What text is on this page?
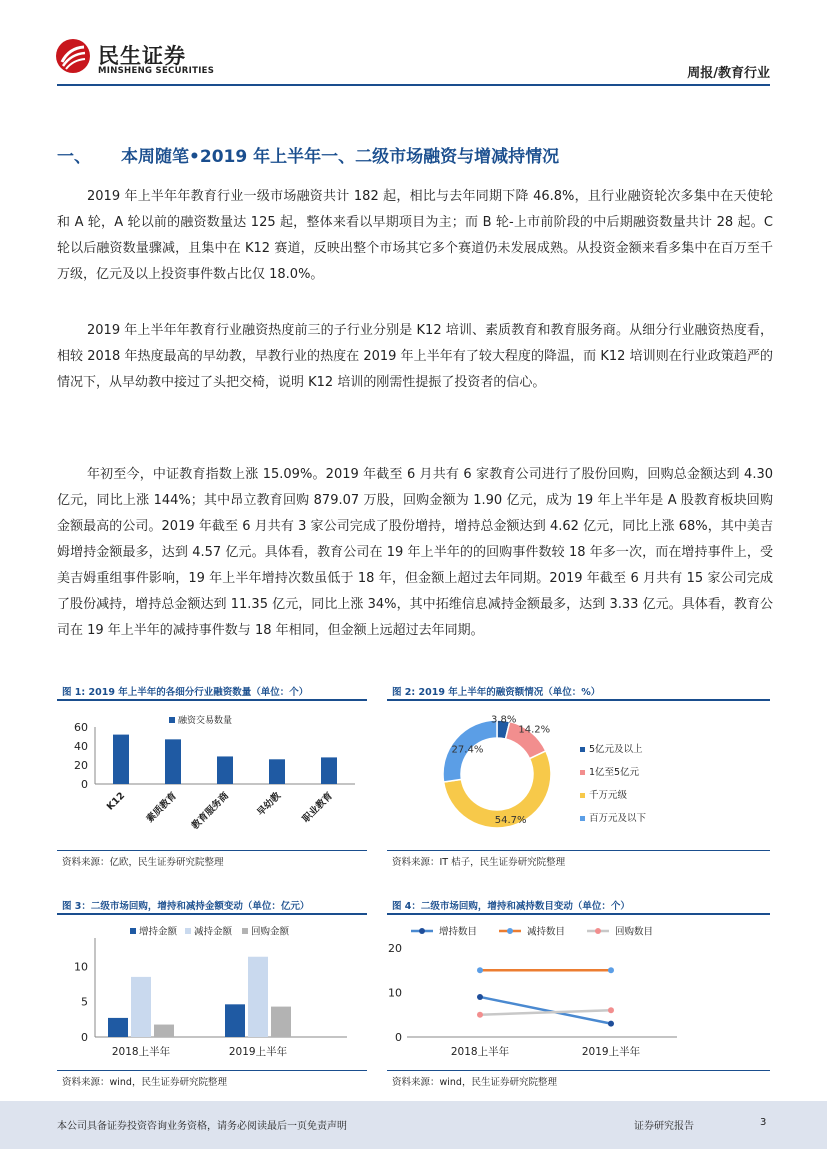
民生证券
MINSHENG SECURITIES	周报/教育行业
一、 本周随笔•2019 年上半年一、二级市场融资与增减持情况

2019 年上半年年教育行业一级市场融资共计 182 起，相比与去年同期下降 46.8%，且行业融资轮次多集中在天使轮和 A 轮，A 轮以前的融资数量达 125 起，整体来看以早期项目为主；而 B 轮-上市前阶段的中后期融资数量共计 28 起。C 轮以后融资数量骤减，且集中在 K12 赛道，反映出整个市场其它多个赛道仍未发展成熟。从投资金额来看多集中在百万至千万级，亿元及以上投资事件数占比仅 18.0%。

2019 年上半年年教育行业融资热度前三的子行业分别是 K12 培训、素质教育和教育服务商。从细分行业融资热度看，相较 2018 年热度最高的早幼教，早教行业的热度在 2019 年上半年有了较大程度的降温，而 K12 培训则在行业政策趋严的情况下，从早幼教中接过了头把交椅，说明 K12 培训的刚需性提振了投资者的信心。

年初至今，中证教育指数上涨 15.09%。2019 年截至 6 月共有 6 家教育公司进行了股份回购，回购总金额达到 4.30 亿元，同比上涨 144%；其中昂立教育回购 879.07 万股，回购金额为 1.90 亿元，成为 19 年上半年是 A 股教育板块回购金额最高的公司。2019 年截至 6 月共有 3 家公司完成了股份增持，增持总金额达到 4.62 亿元，同比上涨 68%，其中美吉姆增持金额最多，达到 4.57 亿元。具体看，教育公司在 19 年上半年的的回购事件数较 18 年多一次，而在增持事件上，受美吉姆重组事件影响，19 年上半年增持次数虽低于 18 年，但金额上超过去年同期。2019 年截至 6 月共有 15 家公司完成了股份减持，增持总金额达到 11.35 亿元，同比上涨 34%，其中拓维信息减持金额最多，达到 3.33 亿元。具体看，教育公司在 19 年上半年的减持事件数与 18 年相同，但金额上远超过去年同期。

图 1: 2019 年上半年的各细分行业融资数量（单位：个）
0
20
40
60
K12 素质教育 教育服务商	早幼教 职业教育
融资交易数量
资料来源：亿欧，民生证券研究院整理
图 2: 2019 年上半年的融资额情况（单位：%）
3.8%
14.2%
54.7%
27.4%	5亿元及以上
1亿至5亿元
千万元级
百万元及以下
资料来源：IT 桔子，民生证券研究院整理
图 3：二级市场回购，增持和减持金额变动（单位：亿元）
0
5
10
2018上半年	2019上半年
增持金额 减持金额 回购金额
资料来源：wind，民生证券研究院整理
图 4：二级市场回购，增持和减持数目变动（单位：个）
0
10
20
2018上半年	2019上半年
增持数目	减持数目	回购数目
资料来源：wind，民生证券研究院整理
本公司具备证券投资咨询业务资格，请务必阅读最后一页免责声明	证券研究报告	3
